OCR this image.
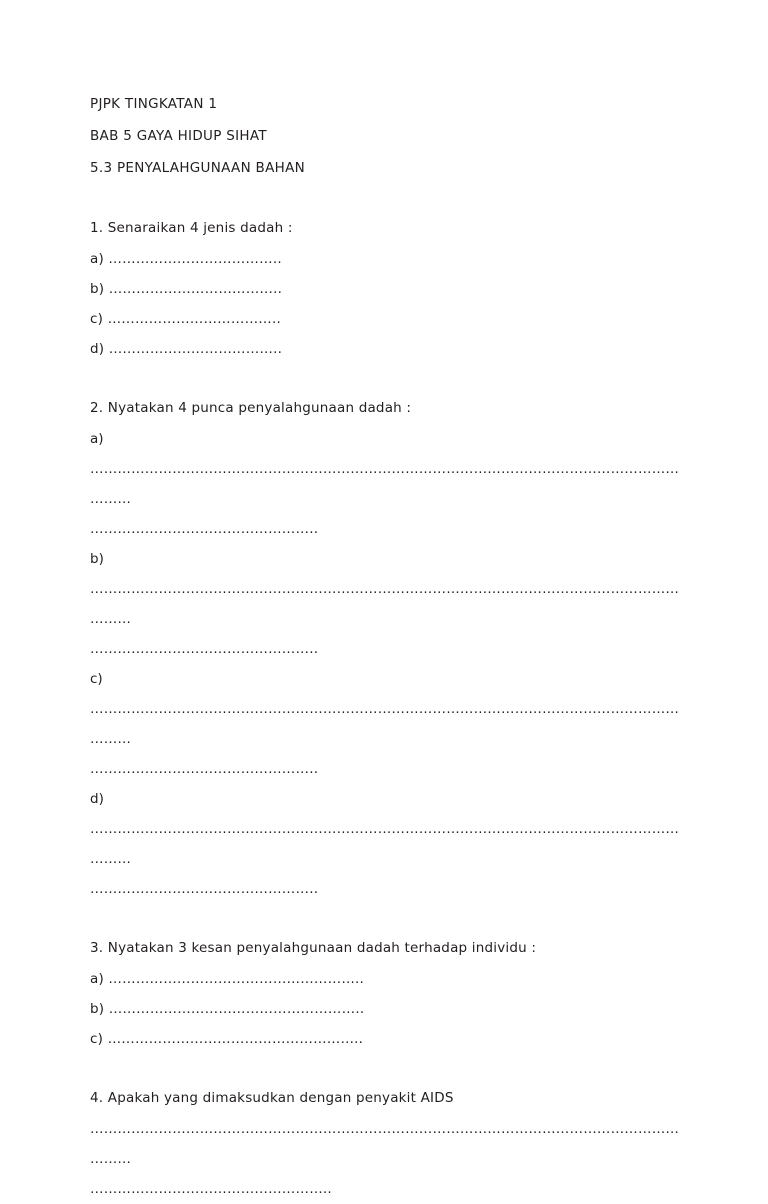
PJPK TINGKATAN 1
BAB 5 GAYA HIDUP SIHAT
5.3 PENYALAHGUNAAN BAHAN
1. Senaraikan 4 jenis dadah :
a) ………………………………..
b) ………………………………..
c) ………………………………..
d) ………………………………..
2. Nyatakan 4 punca penyalahgunaan dadah :
a)
…………………………………………………………………………………………………………………………
…………………………………………..
b)
…………………………………………………………………………………………………………………………
…………………………………………..
c)
…………………………………………………………………………………………………………………………
…………………………………………..
d)
…………………………………………………………………………………………………………………………
…………………………………………..
3. Nyatakan 3 kesan penyalahgunaan dadah terhadap individu :
a) ………………………………………………..
b) ………………………………………………..
c) ………………………………………………..
4. Apakah yang dimaksudkan dengan penyakit AIDS
…………………………………………………………………………………………………………………………
……………………………………………..
